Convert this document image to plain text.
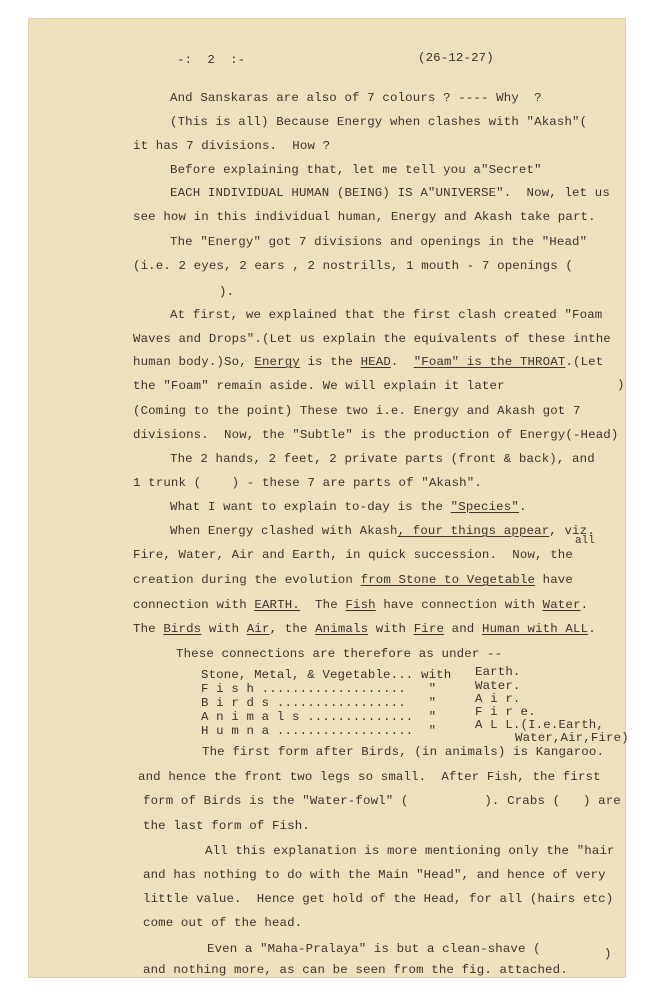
-:  2  :-	(26-12-27)
And Sanskaras are also of 7 colours ? ---- Why  ?
(This is all) Because Energy when clashes with "Akash"(
it has 7 divisions.  How ?
Before explaining that, let me tell you a"Secret"
EACH INDIVIDUAL HUMAN (BEING) IS A"UNIVERSE".  Now, let us
see how in this individual human, Energy and Akash take part.
The "Energy" got 7 divisions and openings in the "Head"
(i.e. 2 eyes, 2 ears , 2 nostrills, 1 mouth - 7 openings (
).
At first, we explained that the first clash created "Foam
Waves and Drops".(Let us explain the equivalents of these inthe
human body.)So, Energy is the HEAD.  "Foam" is the THROAT.(Let
the "Foam" remain aside. We will explain it later	)
(Coming to the point) These two i.e. Energy and Akash got 7
divisions.  Now, the "Subtle" is the production of Energy(-Head)
The 2 hands, 2 feet, 2 private parts (front & back), and
1 trunk (    ) - these 7 are parts of "Akash".
What I want to explain to-day is the "Species".
When Energy clashed with Akash, four things appear, viz.
all
Fire, Water, Air and Earth, in quick succession.  Now, the
creation during the evolution from Stone to Vegetable have
connection with EARTH.  The Fish have connection with Water.
The Birds with Air, the Animals with Fire and Human with ALL.
These connections are therefore as under --
Stone, Metal, & Vegetable... with Earth.
F i s h ...................   "	Water.
B i r d s .................   "	A i r.
A n i m a l s ..............  "	F i r e.
H u m n a ..................  "	A L L.(I.e.Earth,
Water,Air,Fire)
The first form after Birds, (in animals) is Kangaroo.
and hence the front two legs so small.  After Fish, the first
form of Birds is the "Water-fowl" (          ). Crabs (   ) are
the last form of Fish.
All this explanation is more mentioning only the "hair
and has nothing to do with the Main "Head", and hence of very
little value.  Hence get hold of the Head, for all (hairs etc)
come out of the head.
Even a "Maha-Pralaya" is but a clean-shave (	)
and nothing more, as can be seen from the fig. attached.
